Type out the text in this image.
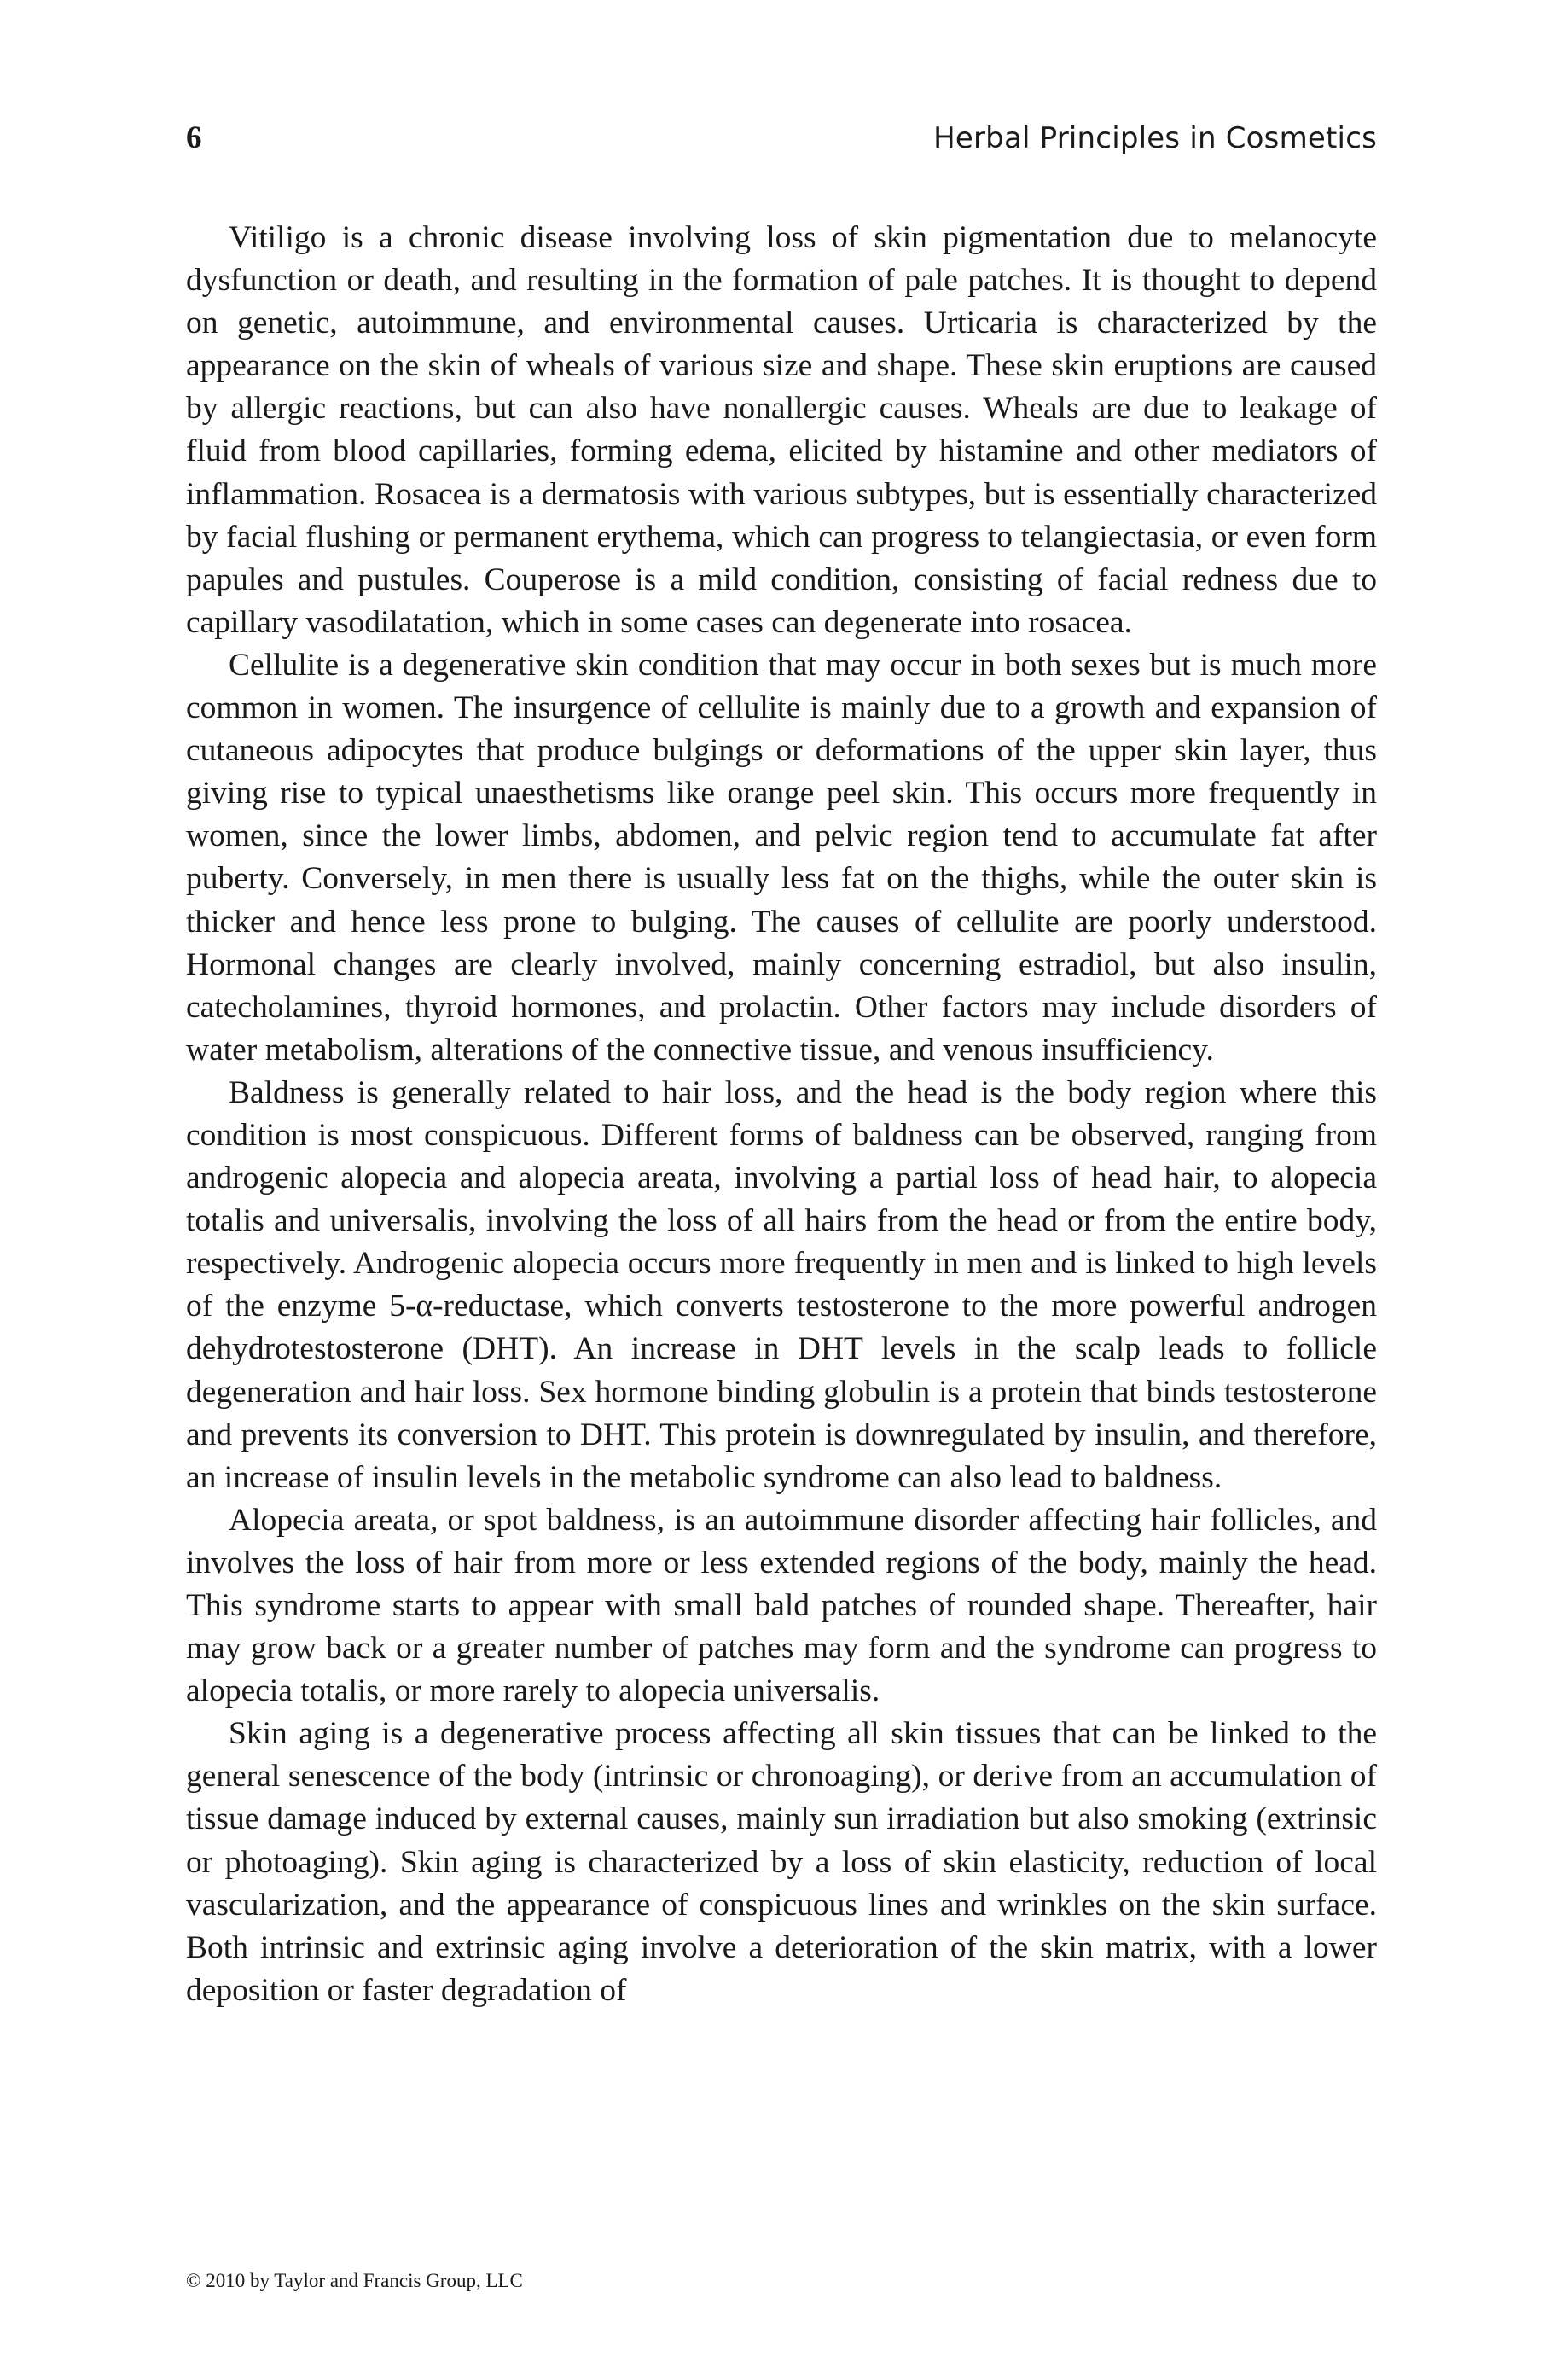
6	Herbal Principles in Cosmetics

Vitiligo is a chronic disease involving loss of skin pigmentation due to melanocyte dysfunction or death, and resulting in the formation of pale patches. It is thought to depend on genetic, autoimmune, and environmental causes. Urticaria is characterized by the appearance on the skin of wheals of various size and shape. These skin eruptions are caused by allergic reactions, but can also have nonallergic causes. Wheals are due to leakage of fluid from blood capillaries, forming edema, elicited by histamine and other mediators of inflammation. Rosacea is a dermatosis with various subtypes, but is essentially characterized by facial flushing or permanent erythema, which can progress to telangiectasia, or even form papules and pustules. Couperose is a mild condition, consisting of facial redness due to capillary vasodilatation, which in some cases can degenerate into rosacea.

Cellulite is a degenerative skin condition that may occur in both sexes but is much more common in women. The insurgence of cellulite is mainly due to a growth and expansion of cutaneous adipocytes that produce bulgings or deformations of the upper skin layer, thus giving rise to typical unaesthetisms like orange peel skin. This occurs more frequently in women, since the lower limbs, abdomen, and pelvic region tend to accumulate fat after puberty. Conversely, in men there is usually less fat on the thighs, while the outer skin is thicker and hence less prone to bulging. The causes of cellulite are poorly understood. Hormonal changes are clearly involved, mainly concerning estradiol, but also insulin, catecholamines, thyroid hormones, and prolactin. Other factors may include disorders of water metabolism, alterations of the connective tissue, and venous insufficiency.

Baldness is generally related to hair loss, and the head is the body region where this condition is most conspicuous. Different forms of baldness can be observed, ranging from androgenic alopecia and alopecia areata, involving a partial loss of head hair, to alopecia totalis and universalis, involving the loss of all hairs from the head or from the entire body, respectively. Androgenic alopecia occurs more frequently in men and is linked to high levels of the enzyme 5-α-reductase, which converts testosterone to the more powerful androgen dehydrotestosterone (DHT). An increase in DHT levels in the scalp leads to follicle degeneration and hair loss. Sex hormone binding globulin is a protein that binds testosterone and prevents its conversion to DHT. This protein is downregulated by insulin, and therefore, an increase of insulin levels in the metabolic syndrome can also lead to baldness.

Alopecia areata, or spot baldness, is an autoimmune disorder affecting hair follicles, and involves the loss of hair from more or less extended regions of the body, mainly the head. This syndrome starts to appear with small bald patches of rounded shape. Thereafter, hair may grow back or a greater number of patches may form and the syndrome can progress to alopecia totalis, or more rarely to alopecia universalis.

Skin aging is a degenerative process affecting all skin tissues that can be linked to the general senescence of the body (intrinsic or chronoaging), or derive from an accumulation of tissue damage induced by external causes, mainly sun irradiation but also smoking (extrinsic or photoaging). Skin aging is characterized by a loss of skin elasticity, reduction of local vascularization, and the appearance of conspicuous lines and wrinkles on the skin surface. Both intrinsic and extrinsic aging involve a deterioration of the skin matrix, with a lower deposition or faster degradation of

© 2010 by Taylor and Francis Group, LLC
